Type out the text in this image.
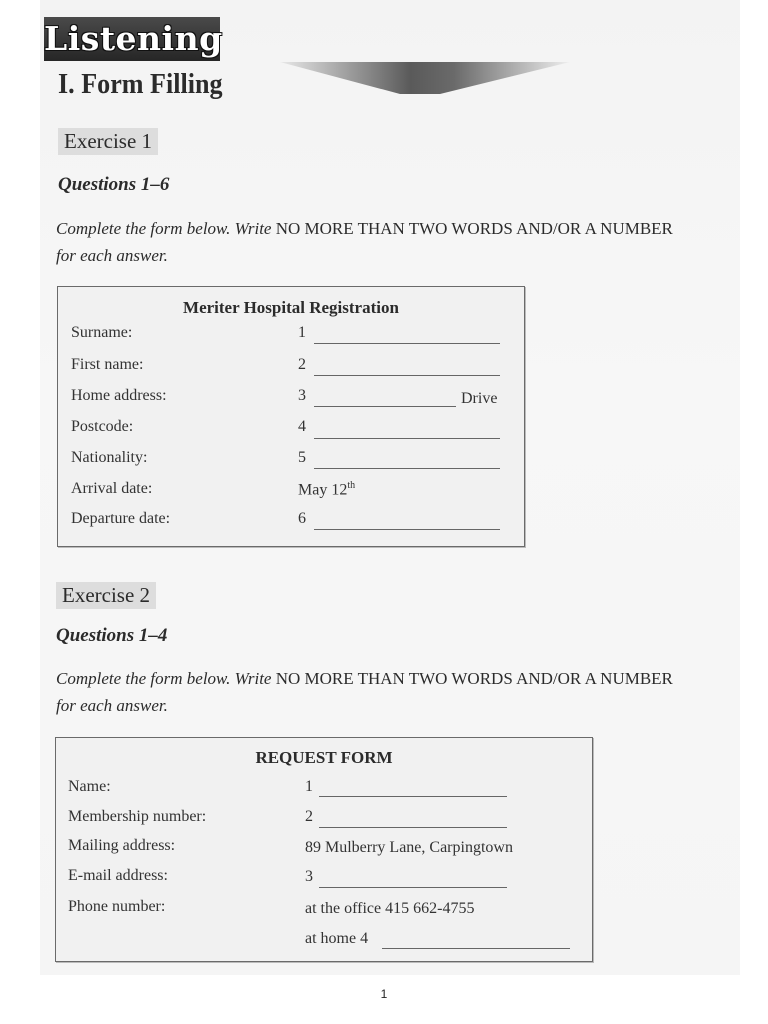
Listening
I. Form Filling
Exercise 1
Questions 1–6
Complete the form below. Write NO MORE THAN TWO WORDS AND/OR A NUMBER
for each answer.
Meriter Hospital Registration
Surname:	1
First name:	2
Home address:	3	Drive
Postcode:	4
Nationality:	5
Arrival date:	May 12th
Departure date:	6
Exercise 2
Questions 1–4
Complete the form below. Write NO MORE THAN TWO WORDS AND/OR A NUMBER
for each answer.
REQUEST FORM
Name:	1
Membership number:	2
Mailing address:	89 Mulberry Lane, Carpingtown
E-mail address:	3
Phone number:	at the office 415 662-4755
at home 4
1
